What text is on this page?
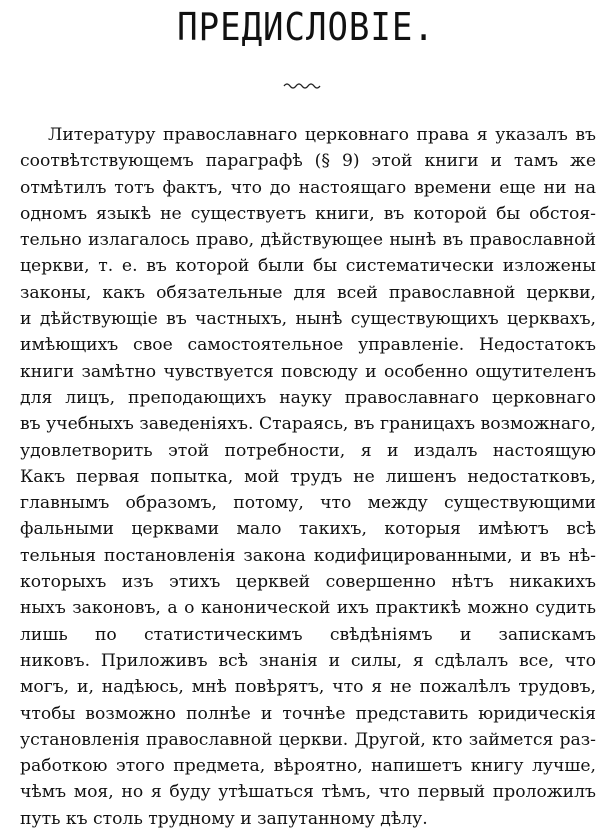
ПРЕДИСЛОВІЕ.
Литературу православнаго церковнаго права я указалъ въ
соотвѣтствующемъ параграфѣ (§ 9) этой книги и тамъ же
отмѣтилъ тотъ фактъ, что до настоящаго времени еще ни на
одномъ языкѣ не существуетъ книги, въ которой бы обстоя-
тельно излагалось право, дѣйствующее нынѣ въ православной
церкви, т. е. въ которой были бы систематически изложены
законы, какъ обязательные для всей православной церкви,
и дѣйствующіе въ частныхъ, нынѣ существующихъ церквахъ,
имѣющихъ свое самостоятельное управленіе. Недостатокъ
книги замѣтно чувствуется повсюду и особенно ощутителенъ
для лицъ, преподающихъ науку православнаго церковнаго
въ учебныхъ заведеніяхъ. Стараясь, въ границахъ возможнаго,
удовлетворить этой потребности, я и издалъ настоящую
Какъ первая попытка, мой трудъ не лишенъ недостатковъ,
главнымъ образомъ, потому, что между существующими
фальными церквами мало такихъ, которыя имѣютъ всѣ
тельныя постановленія закона кодифицированными, и въ нѣ-
которыхъ изъ этихъ церквей совершенно нѣтъ никакихъ
ныхъ законовъ, а о канонической ихъ практикѣ можно судить
лишь по статистическимъ свѣдѣніямъ и запискамъ
никовъ. Приложивъ всѣ знанія и силы, я сдѣлалъ все, что
могъ, и, надѣюсь, мнѣ повѣрятъ, что я не пожалѣлъ трудовъ,
чтобы возможно полнѣе и точнѣе представить юридическія
установленія православной церкви. Другой, кто займется раз-
работкою этого предмета, вѣроятно, напишетъ книгу лучше,
чѣмъ моя, но я буду утѣшаться тѣмъ, что первый проложилъ
путь къ столь трудному и запутанному дѣлу.
